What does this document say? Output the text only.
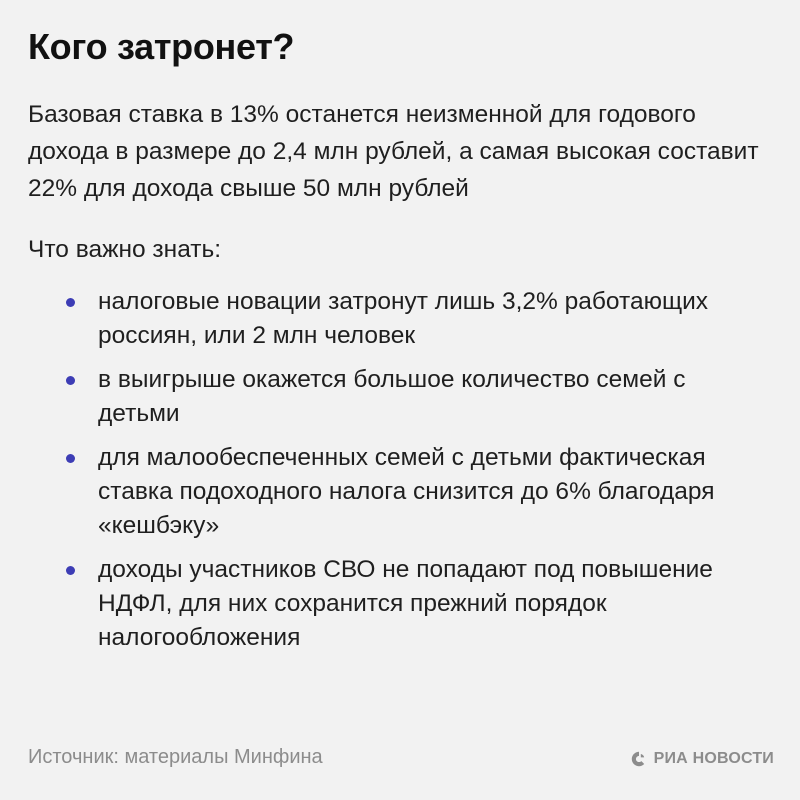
Кого затронет?

Базовая ставка в 13% останется неизменной для годового дохода в размере до 2,4 млн рублей, а самая высокая составит 22% для дохода свыше 50 млн рублей

Что важно знать:

налоговые новации затронут лишь 3,2% работающих россиян, или 2 млн человек
в выигрыше окажется большое количество семей с детьми
для малообеспеченных семей с детьми фактическая ставка подоходного налога снизится до 6% благодаря «кешбэку»
доходы участников СВО не попадают под повышение НДФЛ, для них сохранится прежний порядок налогообложения

Источник: материалы Минфина	РИА НОВОСТИ
